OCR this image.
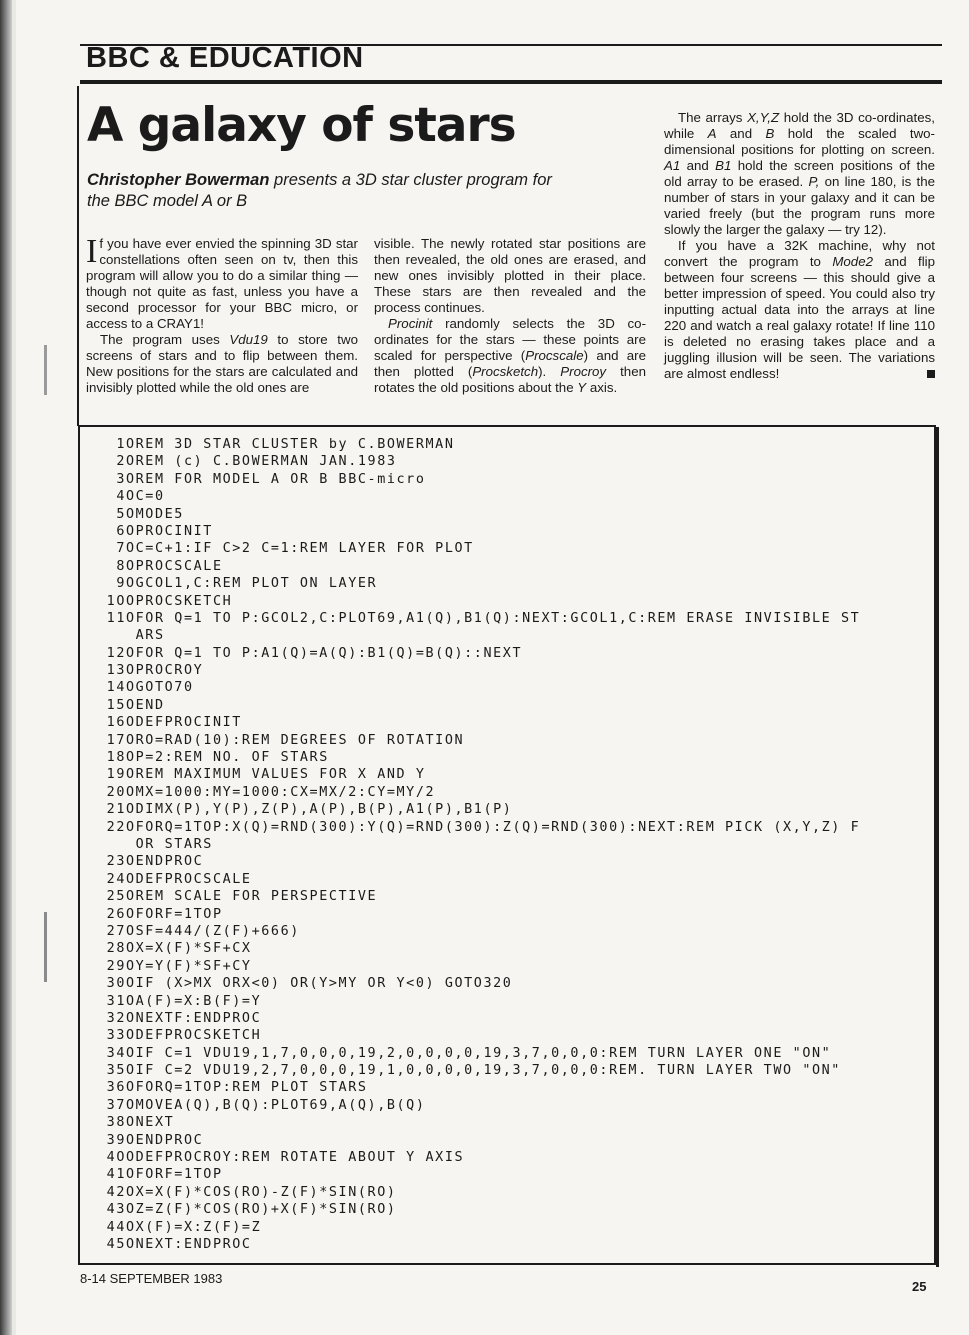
BBC & EDUCATION
A galaxy of stars
Christopher Bowerman presents a 3D star cluster program for the BBC model A or B

If you have ever envied the spinning 3D star constellations often seen on tv, then this program will allow you to do a similar thing — though not quite as fast, unless you have a second processor for your BBC micro, or access to a CRAY1!

The program uses Vdu19 to store two screens of stars and to flip between them. New positions for the stars are calculated and invisibly plotted while the old ones are

visible. The newly rotated star positions are then revealed, the old ones are erased, and new ones invisibly plotted in their place. These stars are then revealed and the process continues.

Procinit randomly selects the 3D co-ordinates for the stars — these points are scaled for perspective (Procscale) and are then plotted (Procsketch). Procroy then rotates the old positions about the Y axis.

The arrays X,Y,Z hold the 3D co-ordinates, while A and B hold the scaled two-dimensional positions for plotting on screen. A1 and B1 hold the screen positions of the old array to be erased. P, on line 180, is the number of stars in your galaxy and it can be varied freely (but the program runs more slowly the larger the galaxy — try 12).

If you have a 32K machine, why not convert the program to Mode2 and flip between four screens — this should give a better impression of speed. You could also try inputting actual data into the arrays at line 220 and watch a real galaxy rotate! If line 110 is deleted no erasing takes place and a juggling illusion will be seen. The variations are almost endless!

1OREM 3D STAR CLUSTER by C.BOWERMAN
2OREM (c) C.BOWERMAN JAN.1983
3OREM FOR MODEL A OR B BBC-micro
4OC=0
5OMODE5
6OPROCINIT
7OC=C+1:IF C>2 C=1:REM LAYER FOR PLOT
8OPROCSCALE
9OGCOL1,C:REM PLOT ON LAYER
1OOPROCSKETCH
11OFOR Q=1 TO P:GCOL2,C:PLOT69,A1(Q),B1(Q):NEXT:GCOL1,C:REM ERASE INVISIBLE ST
ARS
12OFOR Q=1 TO P:A1(Q)=A(Q):B1(Q)=B(Q)::NEXT
13OPROCROY
14OGOTO70
15OEND
16ODEFPROCINIT
17ORO=RAD(10):REM DEGREES OF ROTATION
18OP=2:REM NO. OF STARS
19OREM MAXIMUM VALUES FOR X AND Y
20OMX=1000:MY=1000:CX=MX/2:CY=MY/2
21ODIMX(P),Y(P),Z(P),A(P),B(P),A1(P),B1(P)
22OFORQ=1TOP:X(Q)=RND(300):Y(Q)=RND(300):Z(Q)=RND(300):NEXT:REM PICK (X,Y,Z) F
OR STARS
23OENDPROC
24ODEFPROCSCALE
25OREM SCALE FOR PERSPECTIVE
26OFORF=1TOP
27OSF=444/(Z(F)+666)
28OX=X(F)*SF+CX
29OY=Y(F)*SF+CY
30OIF (X>MX ORX<0) OR(Y>MY OR Y<0) GOTO320
31OA(F)=X:B(F)=Y
32ONEXTF:ENDPROC
33ODEFPROCSKETCH
34OIF C=1 VDU19,1,7,0,0,0,19,2,0,0,0,0,19,3,7,0,0,0:REM TURN LAYER ONE "ON"
35OIF C=2 VDU19,2,7,0,0,0,19,1,0,0,0,0,19,3,7,0,0,0:REM. TURN LAYER TWO "ON"
36OFORQ=1TOP:REM PLOT STARS
37OMOVEA(Q),B(Q):PLOT69,A(Q),B(Q)
38ONEXT
39OENDPROC
4OODEFPROCROY:REM ROTATE ABOUT Y AXIS
41OFORF=1TOP
42OX=X(F)*COS(RO)-Z(F)*SIN(RO)
43OZ=Z(F)*COS(RO)+X(F)*SIN(RO)
44OX(F)=X:Z(F)=Z
45ONEXT:ENDPROC
8-14 SEPTEMBER 1983
25
